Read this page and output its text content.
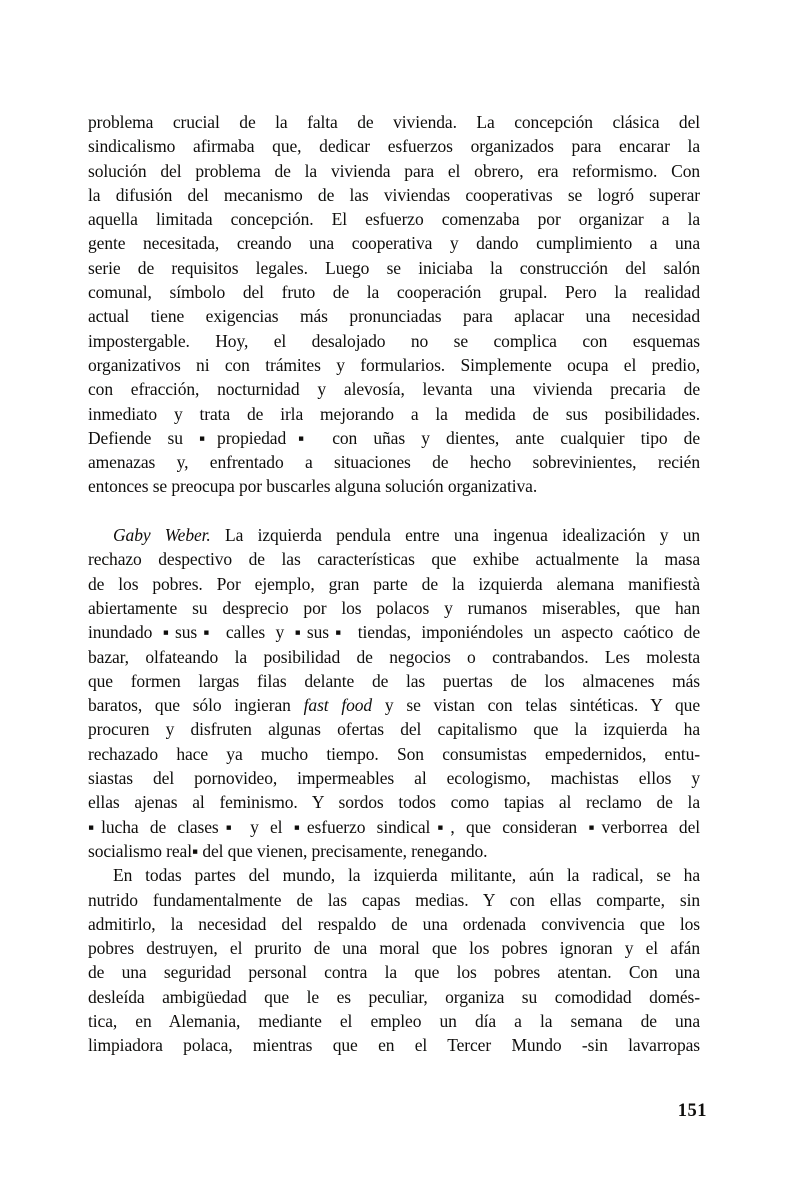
problema crucial de la falta de vivienda. La concepción clásica del
sindicalismo afirmaba que, dedicar esfuerzos organizados para encarar la
solución del problema de la vivienda para el obrero, era reformismo. Con
la difusión del mecanismo de las viviendas cooperativas se logró superar
aquella limitada concepción. El esfuerzo comenzaba por organizar a la
gente necesitada, creando una cooperativa y dando cumplimiento a una
serie de requisitos legales. Luego se iniciaba la construcción del salón
comunal, símbolo del fruto de la cooperación grupal. Pero la realidad
actual tiene exigencias más pronunciadas para aplacar una necesidad
impostergable. Hoy, el desalojado no se complica con esquemas
organizativos ni con trámites y formularios. Simplemente ocupa el predio,
con efracción, nocturnidad y alevosía, levanta una vivienda precaria de
inmediato y trata de irla mejorando a la medida de sus posibilidades.
Defiende su ▪propiedad▪ con uñas y dientes, ante cualquier tipo de
amenazas y, enfrentado a situaciones de hecho sobrevinientes, recién
entonces se preocupa por buscarles alguna solución organizativa.
Gaby Weber. La izquierda pendula entre una ingenua idealización y un
rechazo despectivo de las características que exhibe actualmente la masa
de los pobres. Por ejemplo, gran parte de la izquierda alemana manifiestà
abiertamente su desprecio por los polacos y rumanos miserables, que han
inundado ▪sus▪ calles y ▪sus▪ tiendas, imponiéndoles un aspecto caótico de
bazar, olfateando la posibilidad de negocios o contrabandos. Les molesta
que formen largas filas delante de las puertas de los almacenes más
baratos, que sólo ingieran fast food y se vistan con telas sintéticas. Y que
procuren y disfruten algunas ofertas del capitalismo que la izquierda ha
rechazado hace ya mucho tiempo. Son consumistas empedernidos, entu-
siastas del pornovideo, impermeables al ecologismo, machistas ellos y
ellas ajenas al feminismo. Y sordos todos como tapias al reclamo de la
▪lucha de clases▪ y el ▪esfuerzo sindical▪, que consideran ▪verborrea del
socialismo real▪ del que vienen, precisamente, renegando.
En todas partes del mundo, la izquierda militante, aún la radical, se ha
nutrido fundamentalmente de las capas medias. Y con ellas comparte, sin
admitirlo, la necesidad del respaldo de una ordenada convivencia que los
pobres destruyen, el prurito de una moral que los pobres ignoran y el afán
de una seguridad personal contra la que los pobres atentan. Con una
desleída ambigüedad que le es peculiar, organiza su comodidad domés-
tica, en Alemania, mediante el empleo un día a la semana de una
limpiadora polaca, mientras que en el Tercer Mundo -sin lavarropas
151
